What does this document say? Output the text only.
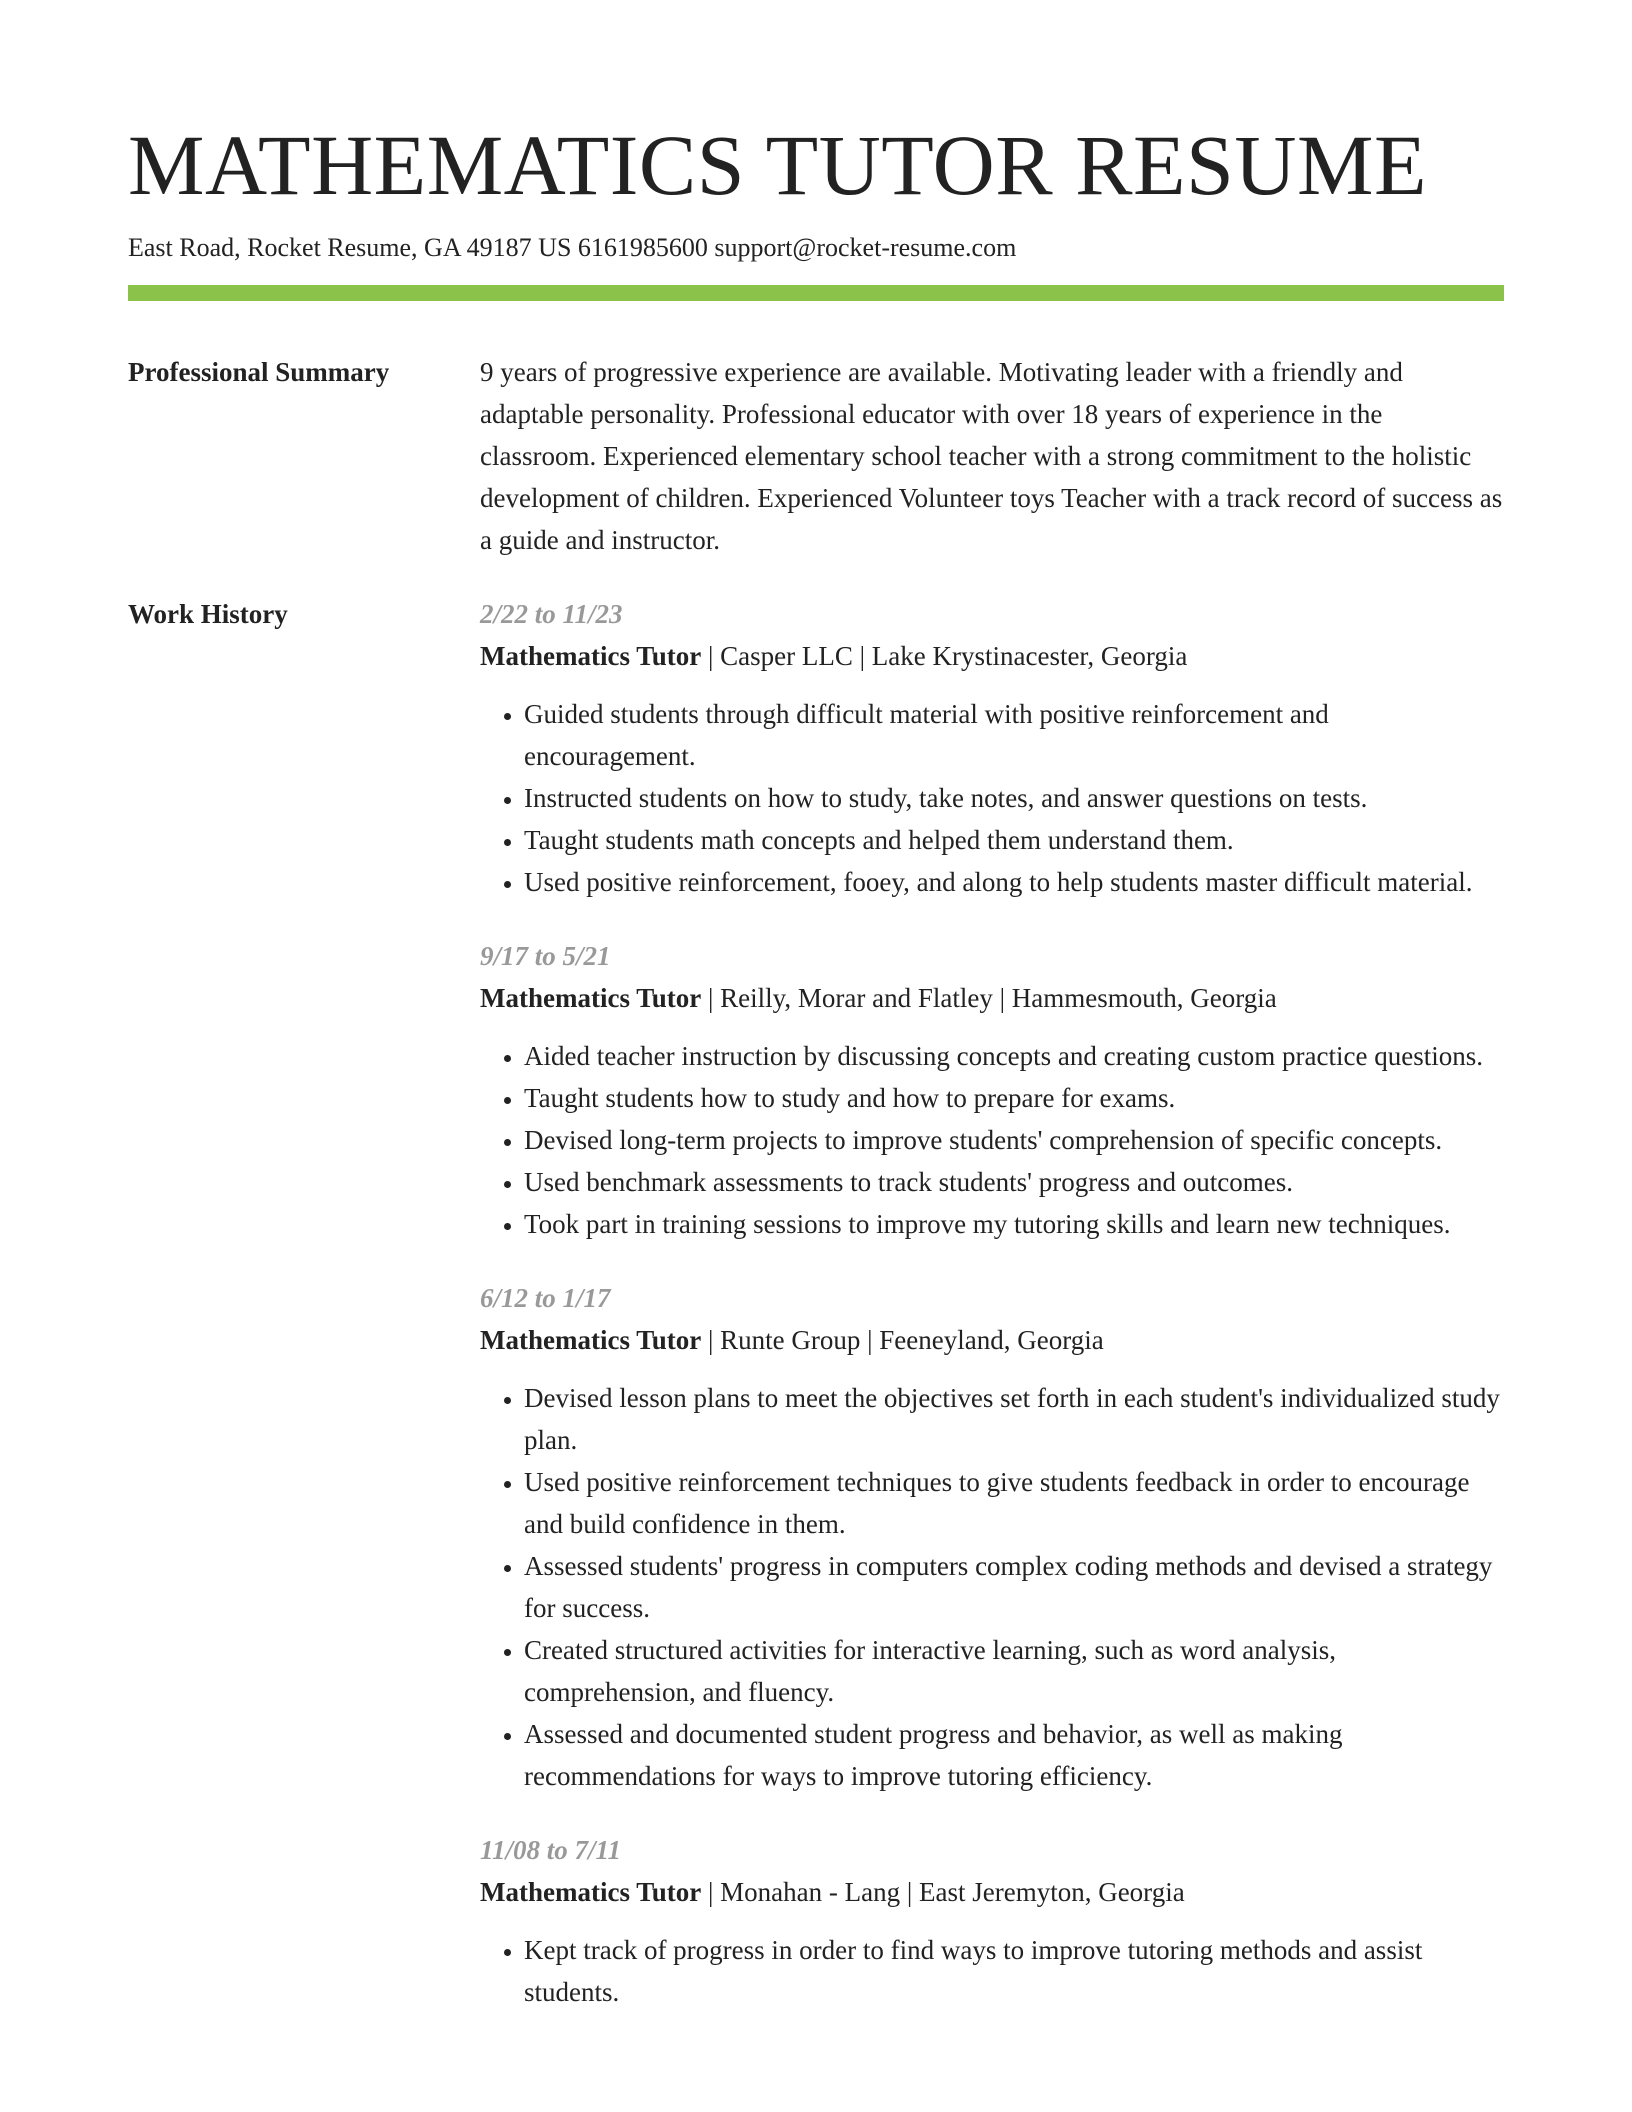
MATHEMATICS TUTOR RESUME
East Road, Rocket Resume, GA 49187 US 6161985600 support@rocket-resume.com
Professional Summary	9 years of progressive experience are available. Motivating leader with a friendly and adaptable personality. Professional educator with over 18 years of experience in the classroom. Experienced elementary school teacher with a strong commitment to the holistic development of children. Experienced Volunteer toys Teacher with a track record of success as a guide and instructor.

Work History	2/22 to 11/23
Mathematics Tutor | Casper LLC | Lake Krystinacester, Georgia
• Guided students through difficult material with positive reinforcement and encouragement.
• Instructed students on how to study, take notes, and answer questions on tests.
• Taught students math concepts and helped them understand them.
• Used positive reinforcement, fooey, and along to help students master difficult material.
9/17 to 5/21
Mathematics Tutor | Reilly, Morar and Flatley | Hammesmouth, Georgia
• Aided teacher instruction by discussing concepts and creating custom practice questions.
• Taught students how to study and how to prepare for exams.
• Devised long-term projects to improve students' comprehension of specific concepts.
• Used benchmark assessments to track students' progress and outcomes.
• Took part in training sessions to improve my tutoring skills and learn new techniques.
6/12 to 1/17
Mathematics Tutor | Runte Group | Feeneyland, Georgia
• Devised lesson plans to meet the objectives set forth in each student's individualized study plan.
• Used positive reinforcement techniques to give students feedback in order to encourage and build confidence in them.
• Assessed students' progress in computers complex coding methods and devised a strategy for success.
• Created structured activities for interactive learning, such as word analysis, comprehension, and fluency.
• Assessed and documented student progress and behavior, as well as making recommendations for ways to improve tutoring efficiency.
11/08 to 7/11
Mathematics Tutor | Monahan - Lang | East Jeremyton, Georgia
• Kept track of progress in order to find ways to improve tutoring methods and assist students.
